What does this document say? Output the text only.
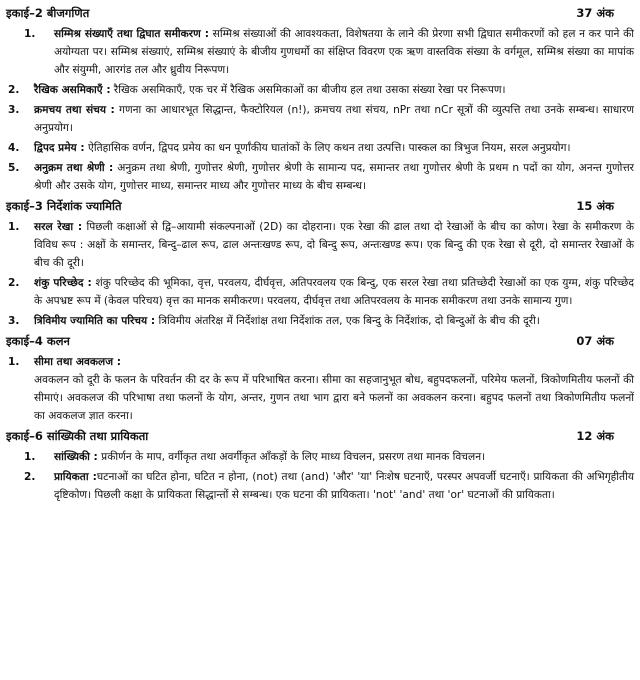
इकाई–2 बीजगणित	37 अंक
1.	सम्मिश्र संख्याएँ तथा द्विघात समीकरण : सम्मिश्र संख्याओं की आवश्यकता, विशेषतया के लाने की प्रेरणा सभी द्विघात समीकरणों को हल न कर पाने की अयोग्यता पर। सम्मिश्र संख्याएं, सम्मिश्र संख्याएं के बीजीय गुणधर्मो का संक्षिप्त विवरण एक ऋण वास्तविक संख्या के वर्गमूल, सम्मिश्र संख्या का मापांक और संयुग्मी, आरगंड तल और ध्रुवीय निरूपण।
2.	रैखिक असमिकाएँ : रैखिक असमिकाएँ, एक चर में रैखिक असमिकाओं का बीजीय हल तथा उसका संख्या रेखा पर निरूपण।
3.	क्रमचय तथा संचय : गणना का आधारभूत सिद्धान्त, फैक्टोरियल (n!), क्रमचय तथा संचय, nPr तथा nCr सूत्रों की व्युत्पत्ति तथा उनके सम्बन्ध। साधारण अनुप्रयोग।
4.	द्विपद प्रमेय : ऐतिहासिक वर्णन, द्विपद प्रमेय का धन पूर्णांकीय घातांकों के लिए कथन तथा उत्पत्ति। पास्कल का त्रिभुज नियम, सरल अनुप्रयोग।
5.	अनुक्रम तथा श्रेणी : अनुक्रम तथा श्रेणी, गुणोत्तर श्रेणी, गुणोत्तर श्रेणी के सामान्य पद, समान्तर तथा गुणोत्तर श्रेणी के प्रथम n पदों का योग, अनन्त गुणोत्तर श्रेणी और उसके योग, गुणोत्तर माध्य, समान्तर माध्य और गुणोत्तर माध्य के बीच सम्बन्ध।
इकाई–3 निर्देशांक ज्यामिति	15 अंक
1.	सरल रेखा : पिछली कक्षाओं से द्वि–आयामी संकल्पनाओं (2D) का दोहराना। एक रेखा की ढाल तथा दो रेखाओं के बीच का कोण। रेखा के समीकरण के विविध रूप : अक्षों के समान्तर, बिन्दु–ढाल रूप, ढाल अन्तःखण्ड रूप, दो बिन्दु रूप, अन्तःखण्ड रूप। एक बिन्दु की एक रेखा से दूरी, दो समान्तर रेखाओं के बीच की दूरी।
2.	शंकु परिच्छेद : शंकु परिच्छेद की भूमिका, वृत्त, परवलय, दीर्घवृत्त, अतिपरवलय एक बिन्दु, एक सरल रेखा तथा प्रतिच्छेदी रेखाओं का एक युग्म, शंकु परिच्छेद के अपभ्रष्ट रूप में (केवल परिचय) वृत्त का मानक समीकरण। परवलय, दीर्घवृत्त तथा अतिपरवलय के मानक समीकरण तथा उनके सामान्य गुण।
3.	त्रिविमीय ज्यामिति का परिचय : त्रिविमीय अंतरिक्ष में निर्देशांक्ष तथा निर्देशांक तल, एक बिन्दु के निर्देशांक, दो बिन्दुओं के बीच की दूरी।
इकाई–4 कलन	07 अंक
1.	सीमा तथा अवकलज :
अवकलन को दूरी के फलन के परिवर्तन की दर के रूप में परिभाषित करना। सीमा का सहजानुभूत बोध, बहुपदफलनों, परिमेय फलनों, त्रिकोणमितीय फलनों की सीमाएं। अवकलज की परिभाषा तथा फलनों के योग, अन्तर, गुणन तथा भाग द्वारा बने फलनों का अवकलन करना। बहुपद फलनों तथा त्रिकोणमितीय फलनों का अवकलज ज्ञात करना।
इकाई–6 सांख्यिकी तथा प्रायिकता	12 अंक
1.	सांख्यिकी : प्रकीर्णन के माप, वर्गीकृत तथा अवर्गीकृत आँकड़ों के लिए माध्य विचलन, प्रसरण तथा मानक विचलन।
2.	प्रायिकता :घटनाओं का घटित होना, घटित न होना, (not) तथा (and) 'और' 'या' निःशेष घटनाएँ, परस्पर अपवर्जी घटनाएँ। प्रायिकता की अभिगृहीतीय दृष्टिकोण। पिछली कक्षा के प्रायिकता सिद्धान्तों से सम्बन्ध। एक घटना की प्रायिकता। 'not' 'and' तथा 'or' घटनाओं की प्रायिकता।
